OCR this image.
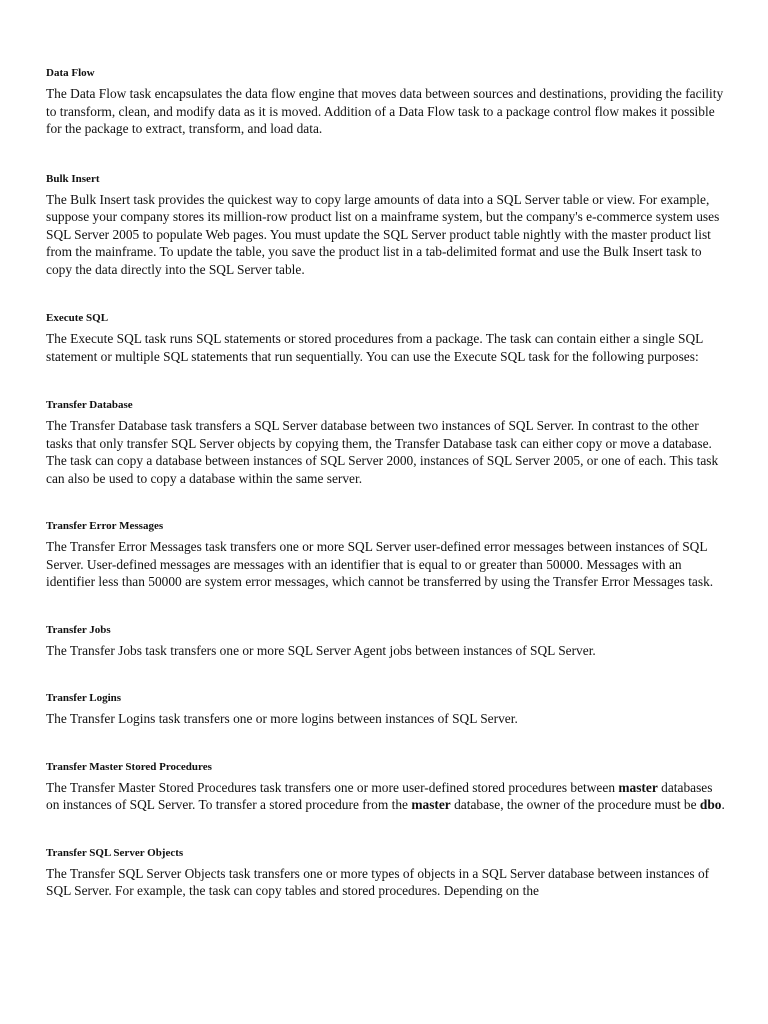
Data Flow

The Data Flow task encapsulates the data flow engine that moves data between sources and destinations, providing the facility to transform, clean, and modify data as it is moved. Addition of a Data Flow task to a package control flow makes it possible for the package to extract, transform, and load data.

Bulk Insert

The Bulk Insert task provides the quickest way to copy large amounts of data into a SQL Server table or view. For example, suppose your company stores its million-row product list on a mainframe system, but the company's e-commerce system uses SQL Server 2005 to populate Web pages. You must update the SQL Server product table nightly with the master product list from the mainframe. To update the table, you save the product list in a tab-delimited format and use the Bulk Insert task to copy the data directly into the SQL Server table.

Execute SQL

The Execute SQL task runs SQL statements or stored procedures from a package. The task can contain either a single SQL statement or multiple SQL statements that run sequentially. You can use the Execute SQL task for the following purposes:

Transfer Database

The Transfer Database task transfers a SQL Server database between two instances of SQL Server. In contrast to the other tasks that only transfer SQL Server objects by copying them, the Transfer Database task can either copy or move a database. The task can copy a database between instances of SQL Server 2000, instances of SQL Server 2005, or one of each. This task can also be used to copy a database within the same server.

Transfer Error Messages

The Transfer Error Messages task transfers one or more SQL Server user-defined error messages between instances of SQL Server. User-defined messages are messages with an identifier that is equal to or greater than 50000. Messages with an identifier less than 50000 are system error messages, which cannot be transferred by using the Transfer Error Messages task.

Transfer Jobs

The Transfer Jobs task transfers one or more SQL Server Agent jobs between instances of SQL Server.

Transfer Logins

The Transfer Logins task transfers one or more logins between instances of SQL Server.

Transfer Master Stored Procedures

The Transfer Master Stored Procedures task transfers one or more user-defined stored procedures between master databases on instances of SQL Server. To transfer a stored procedure from the master database, the owner of the procedure must be dbo.

Transfer SQL Server Objects

The Transfer SQL Server Objects task transfers one or more types of objects in a SQL Server database between instances of SQL Server. For example, the task can copy tables and stored procedures. Depending on the
